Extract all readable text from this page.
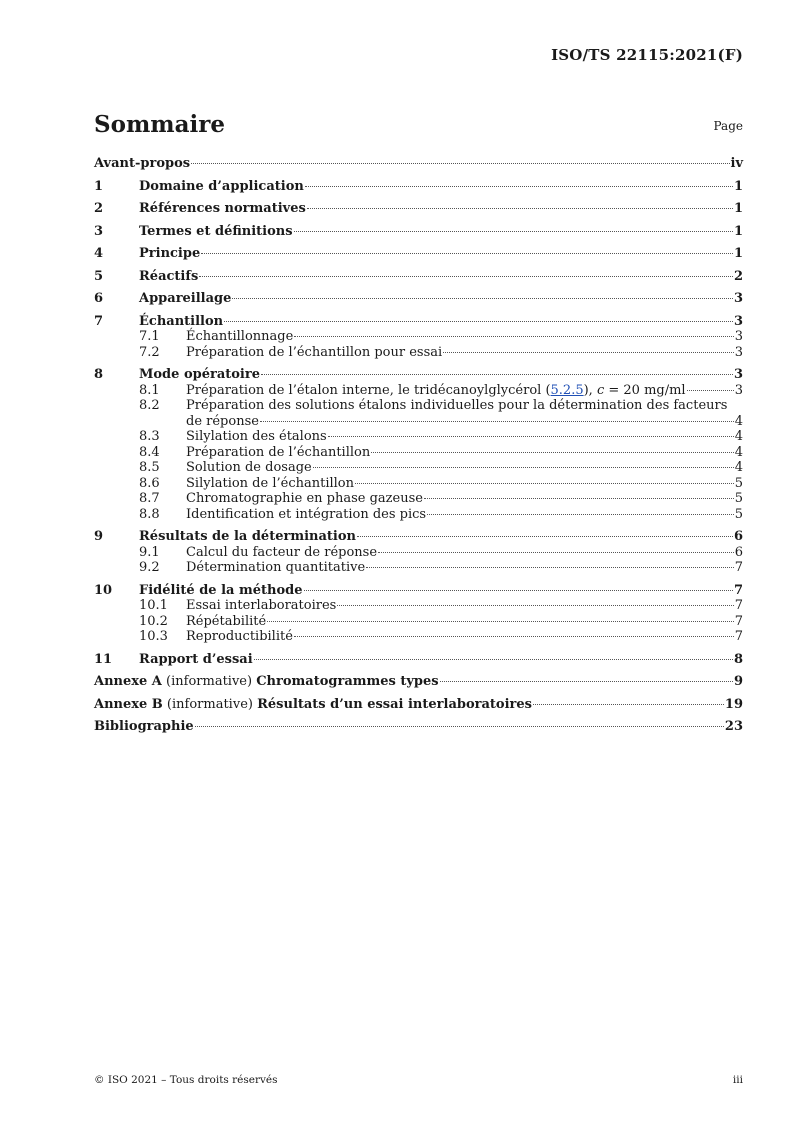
ISO/TS 22115:2021(F)
Sommaire	Page
Avant-propos	iv
1	Domaine d’application	1
2	Références normatives	1
3	Termes et définitions	1
4	Principe	1
5	Réactifs	2
6	Appareillage	3
7	Échantillon	3
7.1	Échantillonnage	3
7.2	Préparation de l’échantillon pour essai	3
8	Mode opératoire	3
8.1	Préparation de l’étalon interne, le tridécanoylglycérol (5.2.5), c = 20 mg/ml	3
8.2	Préparation des solutions étalons individuelles pour la détermination des facteurs
de réponse	4
8.3	Silylation des étalons	4
8.4	Préparation de l’échantillon	4
8.5	Solution de dosage	4
8.6	Silylation de l’échantillon	5
8.7	Chromatographie en phase gazeuse	5
8.8	Identification et intégration des pics	5
9	Résultats de la détermination	6
9.1	Calcul du facteur de réponse	6
9.2	Détermination quantitative	7
10	Fidélité de la méthode	7
10.1	Essai interlaboratoires	7
10.2	Répétabilité	7
10.3	Reproductibilité	7
11	Rapport d’essai	8
Annexe A (informative) Chromatogrammes types	9
Annexe B (informative) Résultats d’un essai interlaboratoires	19
Bibliographie	23
© ISO 2021 – Tous droits réservés	iii
